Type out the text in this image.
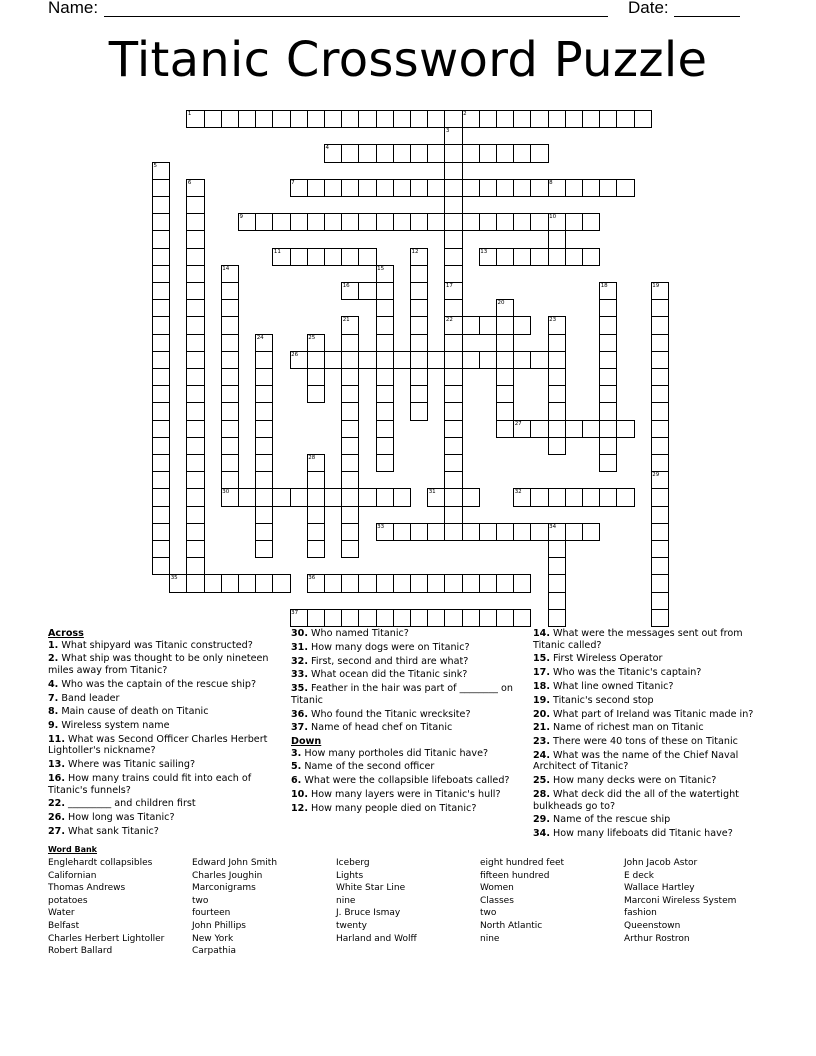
Name:	Date:
Titanic Crossword Puzzle
1	2
4
7	8
9
11	13
16
22
26
27
30	31	32
33
35	36
37
3
5
6
10
12
14	15
17	18	19
20
21	23
24	25
28
29
34
Across
1. What shipyard was Titanic constructed?
2. What ship was thought to be only nineteen miles away from Titanic?
4. Who was the captain of the rescue ship?
7. Band leader
8. Main cause of death on Titanic
9. Wireless system name
11. What was Second Officer Charles Herbert Lightoller's nickname?
13. Where was Titanic sailing?
16. How many trains could fit into each of Titanic's funnels?
22. _________ and children first
26. How long was Titanic?
27. What sank Titanic?
30. Who named Titanic?
31. How many dogs were on Titanic?
32. First, second and third are what?
33. What ocean did the Titanic sink?
35. Feather in the hair was part of ________ on Titanic
36. Who found the Titanic wrecksite?
37. Name of head chef on Titanic
Down
3. How many portholes did Titanic have?
5. Name of the second officer
6. What were the collapsible lifeboats called?
10. How many layers were in Titanic's hull?
12. How many people died on Titanic?
14. What were the messages sent out from Titanic called?
15. First Wireless Operator
17. Who was the Titanic's captain?
18. What line owned Titanic?
19. Titanic's second stop
20. What part of Ireland was Titanic made in?
21. Name of richest man on Titanic
23. There were 40 tons of these on Titanic
24. What was the name of the Chief Naval Architect of Titanic?
25. How many decks were on Titanic?
28. What deck did the all of the watertight bulkheads go to?
29. Name of the rescue ship
34. How many lifeboats did Titanic have?
Word Bank
Englehardt collapsibles
Californian
Thomas Andrews
potatoes
Water
Belfast
Charles Herbert Lightoller
Robert Ballard
Edward John Smith
Charles Joughin
Marconigrams
two
fourteen
John Phillips
New York
Carpathia
Iceberg
Lights
White Star Line
nine
J. Bruce Ismay
twenty
Harland and Wolff
eight hundred feet
fifteen hundred
Women
Classes
two
North Atlantic
nine
John Jacob Astor
E deck
Wallace Hartley
Marconi Wireless System
fashion
Queenstown
Arthur Rostron
